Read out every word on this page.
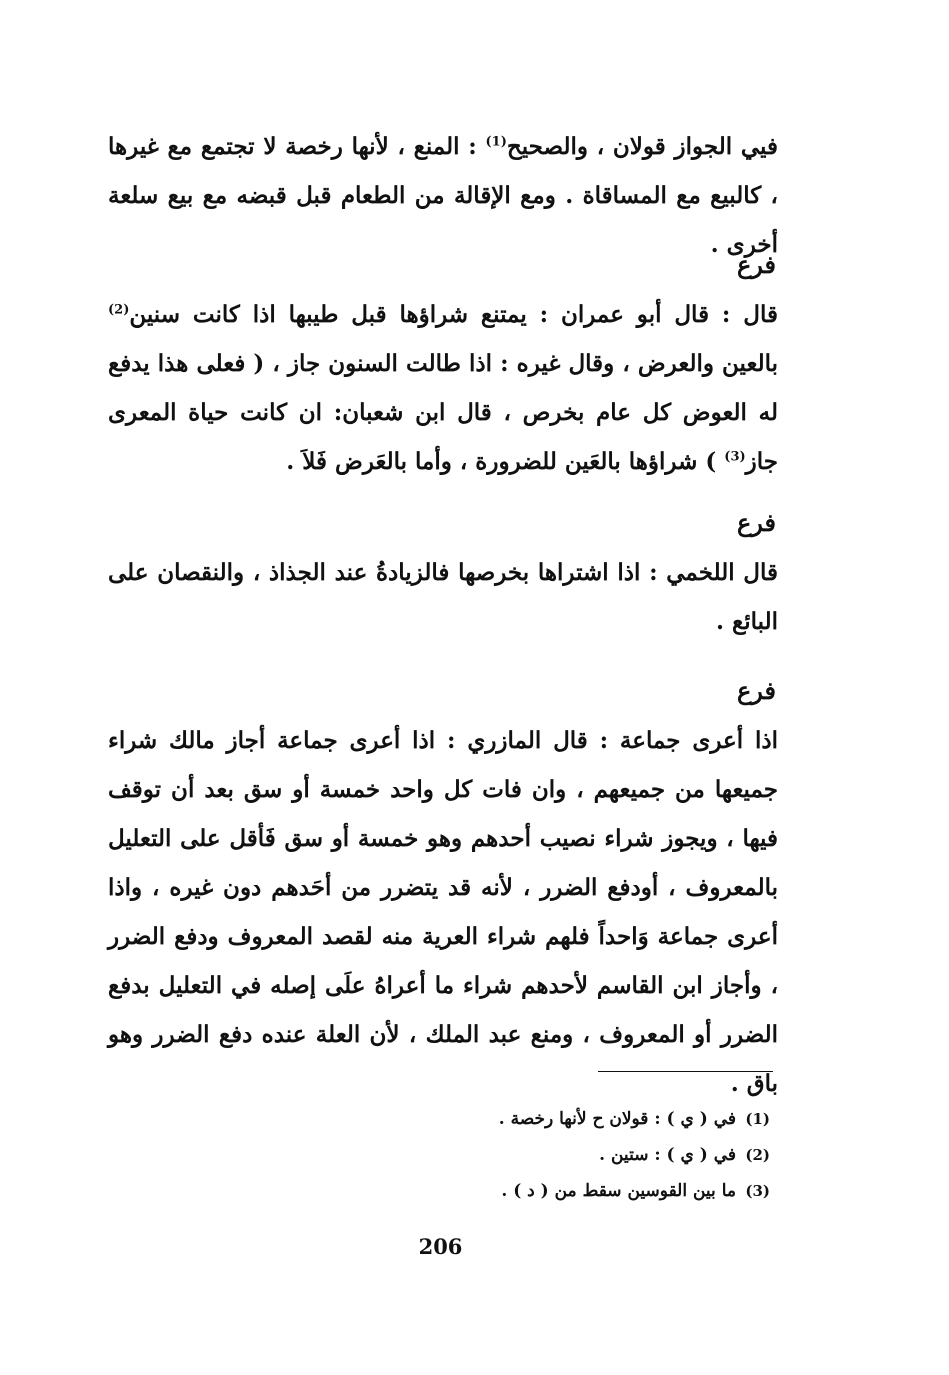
فيي الجواز قولان ، والصحيح$^{(1)}$ : المنع ، لأنها رخصة لا تجتمع مع غيرها ، كالبيع مع المساقاة . ومع الإقالة من الطعام قبل قبضه مع بيع سلعة أخرى .
فرع
قال : قال أبو عمران : يمتنع شراؤها قبل طيبها اذا كانت سنين$^{(2)}$ بالعين والعرض ، وقال غيره : اذا طالت السنون جاز ، ( فعلى هذا يدفع له العوض كل عام بخرص ، قال ابن شعبان: ان كانت حياة المعرى جاز$^{(3)}$ ) شراؤها بالعَين للضرورة ، وأما بالعَرض فَلاَ .
فرع
قال اللخمي : اذا اشتراها بخرصها فالزيادةُ عند الجذاذ ، والنقصان على البائع .
فرع
اذا أعرى جماعة : قال المازري : اذا أعرى جماعة أجاز مالك شراء جميعها من جميعهم ، وان فات كل واحد خمسة أو سق بعد أن توقف فيها ، ويجوز شراء نصيب أحدهم وهو خمسة أو سق فَأقل على التعليل بالمعروف ، أودفع الضرر ، لأنه قد يتضرر من أحَدهم دون غيره ، واذا أعرى جماعة وَاحداً فلهم شراء العرية منه لقصد المعروف ودفع الضرر ، وأجاز ابن القاسم لأحدهم شراء ما أعراهُ علَى إصله في التعليل بدفع الضرر أو المعروف ، ومنع عبد الملك ، لأن العلة عنده دفع الضرر وهو باق .
(1)في ( ي ) : قولان ح لأنها رخصة .
(2)في ( ي ) : ستين .
(3)ما بين القوسين سقط من ( د ) .
206
